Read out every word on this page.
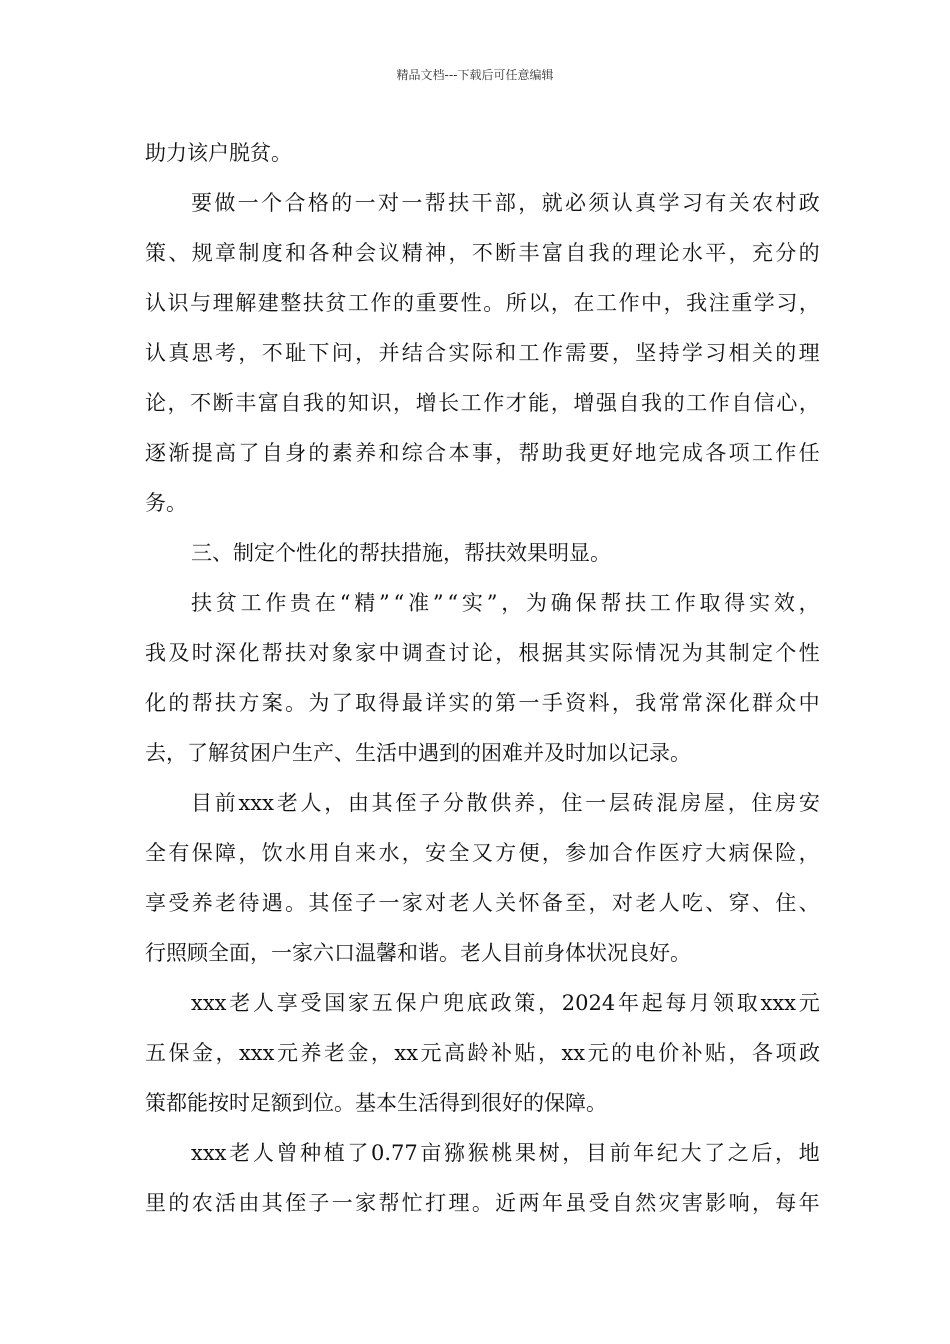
精品文档---下载后可任意编辑
助力该户脱贫。
要 做 一 个 合 格 的 一 对 一 帮 扶 干 部 ， 就 必 须 认 真 学 习 有 关 农 村 政
策 、 规 章 制 度 和 各 种 会 议 精 神 ， 不 断 丰 富 自 我 的 理 论 水 平 ， 充 分 的
认 识 与 理 解 建 整 扶 贫 工 作 的 重 要 性 。 所 以 ， 在 工 作 中 ， 我 注 重 学 习 ，
认 真 思 考 ， 不 耻 下 问 ， 并 结 合 实 际 和 工 作 需 要 ， 坚 持 学 习 相 关 的 理
论 ， 不 断 丰 富 自 我 的 知 识 ， 增 长 工 作 才 能 ， 增 强 自 我 的 工 作 自 信 心 ，
逐 渐 提 高 了 自 身 的 素 养 和 综 合 本 事 ， 帮 助 我 更 好 地 完 成 各 项 工 作 任
务。
三、制定个性化的帮扶措施，帮扶效果明显。
扶 贫 工 作 贵 在 “ 精 ” “ 准 ” “ 实 ” ， 为 确 保 帮 扶 工 作 取 得 实 效 ，
我 及 时 深 化 帮 扶 对 象 家 中 调 查 讨 论 ， 根 据 其 实 际 情 况 为 其 制 定 个 性
化 的 帮 扶 方 案 。 为 了 取 得 最 详 实 的 第 一 手 资 料 ， 我 常 常 深 化 群 众 中
去，了解贫困户生产、生活中遇到的困难并及时加以记录。
目 前 xxx 老 人 ， 由 其 侄 子 分 散 供 养 ， 住 一 层 砖 混 房 屋 ， 住 房 安
全 有 保 障 ， 饮 水 用 自 来 水 ， 安 全 又 方 便 ， 参 加 合 作 医 疗 大 病 保 险 ，
享 受 养 老 待 遇 。 其 侄 子 一 家 对 老 人 关 怀 备 至 ， 对 老 人 吃 、 穿 、 住 、
行照顾全面，一家六口温馨和谐。老人目前身体状况良好。
xxx 老 人 享 受 国 家 五 保 户 兜 底 政 策 ， 2024 年 起 每 月 领 取 xxx 元
五 保 金 ， xxx 元 养 老 金 ， xx 元 高 龄 补 贴 ， xx 元 的 电 价 补 贴 ， 各 项 政
策都能按时足额到位。基本生活得到很好的保障。
xxx 老 人 曾 种 植 了 0.77 亩 猕 猴 桃 果 树 ， 目 前 年 纪 大 了 之 后 ， 地
里 的 农 活 由 其 侄 子 一 家 帮 忙 打 理 。 近 两 年 虽 受 自 然 灾 害 影 响 ， 每 年
